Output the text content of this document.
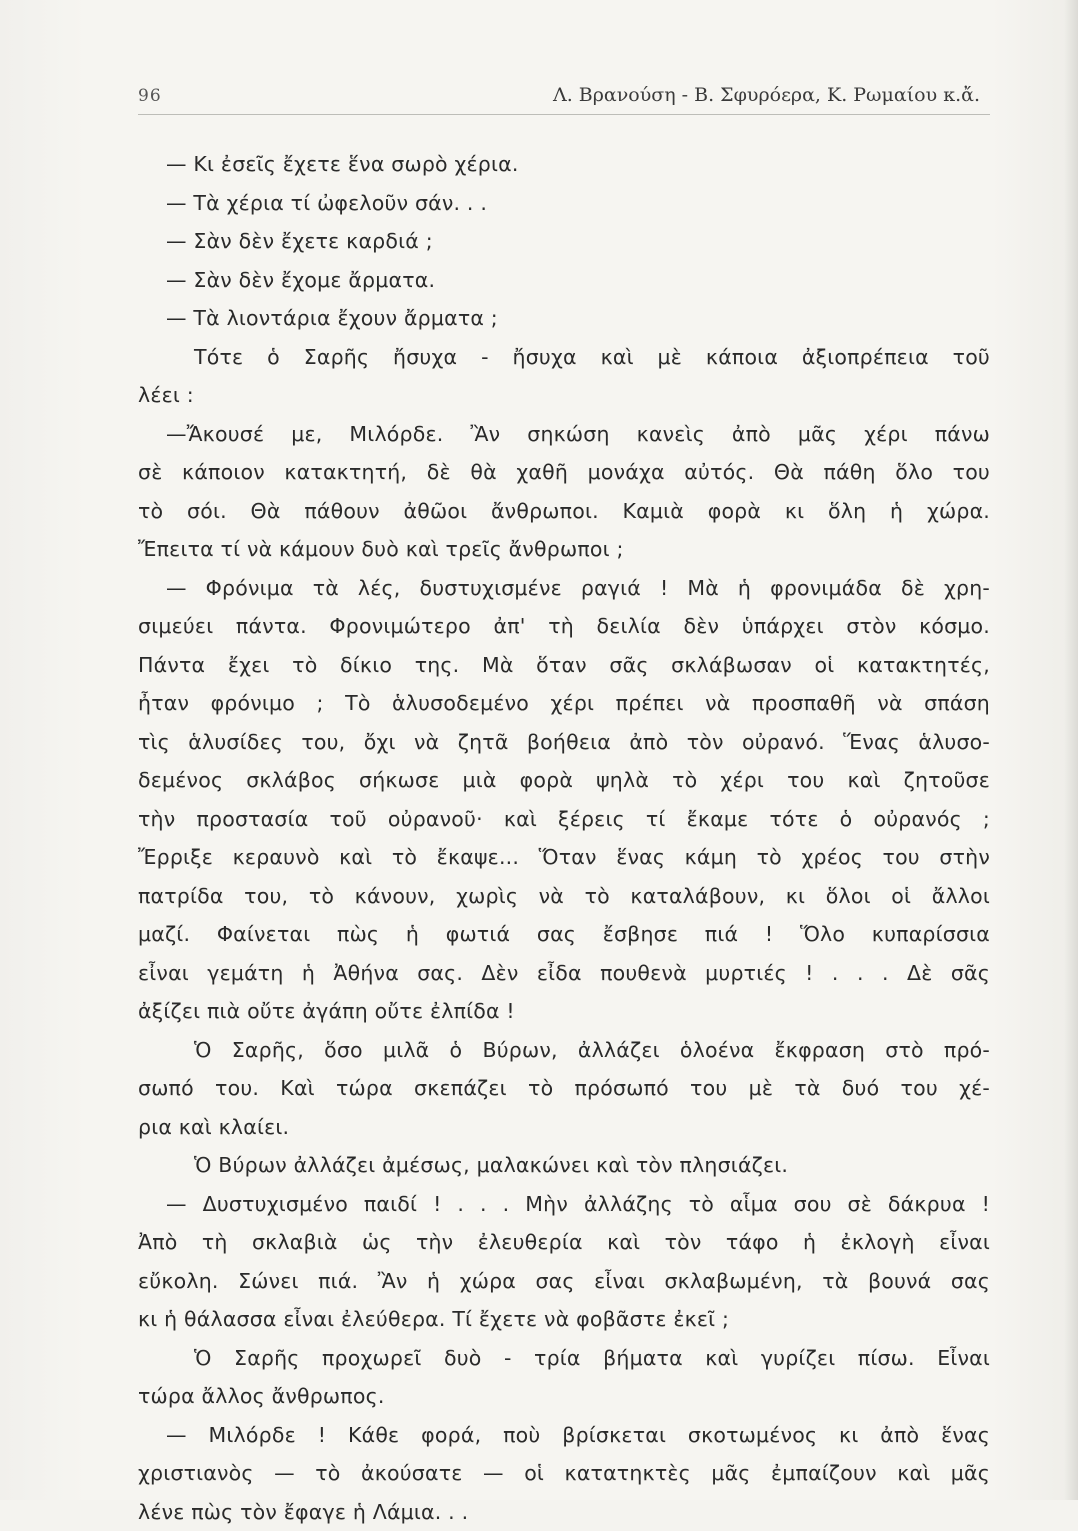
96	Λ. Βρανούση - Β. Σφυρόερα, Κ. Ρωμαίου κ.ἄ.
— Κι ἐσεῖς ἔχετε ἕνα σωρὸ χέρια.
— Τὰ χέρια τί ὠφελοῦν σάν. . .
— Σὰν δὲν ἔχετε καρδιά ;
— Σὰν δὲν ἔχομε ἄρματα.
— Τὰ λιοντάρια ἔχουν ἄρματα ;
Τότε ὁ Σαρῆς ἤσυχα - ἤσυχα καὶ μὲ κάποια ἀξιοπρέπεια τοῦ
λέει :
—Ἄκουσέ με, Μιλόρδε. Ἂν σηκώση κανεὶς ἀπὸ μᾶς χέρι πάνω
σὲ κάποιον κατακτητή, δὲ θὰ χαθῆ μονάχα αὐτός. Θὰ πάθη ὅλο του
τὸ σόι. Θὰ πάθουν ἀθῶοι ἄνθρωποι. Καμιὰ φορὰ κι ὅλη ἡ χώρα.
Ἔπειτα τί νὰ κάμουν δυὸ καὶ τρεῖς ἄνθρωποι ;
— Φρόνιμα τὰ λές, δυστυχισμένε ραγιά ! Μὰ ἡ φρονιμάδα δὲ χρη-
σιμεύει πάντα. Φρονιμώτερο ἀπ' τὴ δειλία δὲν ὑπάρχει στὸν κόσμο.
Πάντα ἔχει τὸ δίκιο της. Μὰ ὅταν σᾶς σκλάβωσαν οἱ κατακτητές,
ἦταν φρόνιμο ; Τὸ ἁλυσοδεμένο χέρι πρέπει νὰ προσπαθῆ νὰ σπάση
τὶς ἁλυσίδες του, ὄχι νὰ ζητᾶ βοήθεια ἀπὸ τὸν οὐρανό. Ἕνας ἁλυσο-
δεμένος σκλάβος σήκωσε μιὰ φορὰ ψηλὰ τὸ χέρι του καὶ ζητοῦσε
τὴν προστασία τοῦ οὐρανοῦ· καὶ ξέρεις τί ἔκαμε τότε ὁ οὐρανός ;
Ἔρριξε κεραυνὸ καὶ τὸ ἔκαψε... Ὅταν ἕνας κάμη τὸ χρέος του στὴν
πατρίδα του, τὸ κάνουν, χωρὶς νὰ τὸ καταλάβουν, κι ὅλοι οἱ ἄλλοι
μαζί. Φαίνεται πὼς ἡ φωτιά σας ἔσβησε πιά ! Ὅλο κυπαρίσσια
εἶναι γεμάτη ἡ Ἀθήνα σας. Δὲν εἶδα πουθενὰ μυρτιές ! . . . Δὲ σᾶς
ἀξίζει πιὰ οὔτε ἀγάπη οὔτε ἐλπίδα !
Ὁ Σαρῆς, ὅσο μιλᾶ ὁ Βύρων, ἀλλάζει ὁλοένα ἔκφραση στὸ πρό-
σωπό του. Καὶ τώρα σκεπάζει τὸ πρόσωπό του μὲ τὰ δυό του χέ-
ρια καὶ κλαίει.
Ὁ Βύρων ἀλλάζει ἀμέσως, μαλακώνει καὶ τὸν πλησιάζει.
— Δυστυχισμένο παιδί ! . . . Μὴν ἀλλάζης τὸ αἷμα σου σὲ δάκρυα !
Ἀπὸ τὴ σκλαβιὰ ὡς τὴν ἐλευθερία καὶ τὸν τάφο ἡ ἐκλογὴ εἶναι
εὔκολη. Σώνει πιά. Ἂν ἡ χώρα σας εἶναι σκλαβωμένη, τὰ βουνά σας
κι ἡ θάλασσα εἶναι ἐλεύθερα. Τί ἔχετε νὰ φοβᾶστε ἐκεῖ ;
Ὁ Σαρῆς προχωρεῖ δυὸ - τρία βήματα καὶ γυρίζει πίσω. Εἶναι
τώρα ἄλλος ἄνθρωπος.
— Μιλόρδε ! Κάθε φορά, ποὺ βρίσκεται σκοτωμένος κι ἀπὸ ἕνας
χριστιανὸς — τὸ ἀκούσατε — οἱ κατατηκτὲς μᾶς ἐμπαίζουν καὶ μᾶς
λένε πὼς τὸν ἔφαγε ἡ Λάμια. . .
